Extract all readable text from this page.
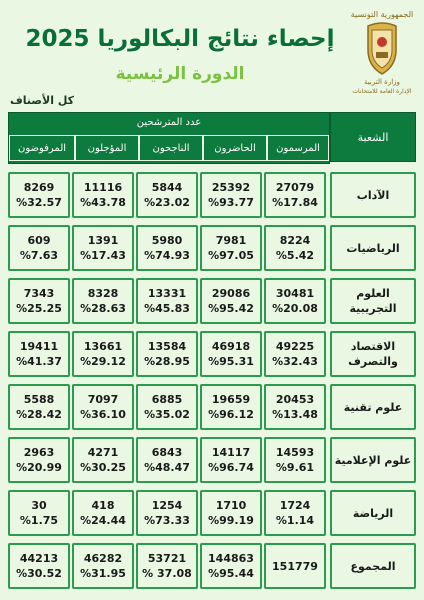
إحصاء نتائج البكالوريا 2025
الدورة الرئيسية
الجمهورية التونسية
وزارة التربية
الإدارة العامة للامتحانات
كل الأصناف
عدد المترشحين
المرسمون
الحاضرون
الناجحون
المؤجلون
المرفوضون
الشعبة
الآداب
27079
%17.84
25392
%93.77
5844
%23.02
11116
%43.78
8269
%32.57
الرياضيات
8224
%5.42
7981
%97.05
5980
%74.93
1391
%17.43
609
%7.63
العلوم التجريبية
30481
%20.08
29086
%95.42
13331
%45.83
8328
%28.63
7343
%25.25
الاقتصاد والتصرف
49225
%32.43
46918
%95.31
13584
%28.95
13661
%29.12
19411
%41.37
علوم تقنية
20453
%13.48
19659
%96.12
6885
%35.02
7097
%36.10
5588
%28.42
علوم الإعلامية
14593
%9.61
14117
%96.74
6843
%48.47
4271
%30.25
2963
%20.99
الرياضة
1724
%1.14
1710
%99.19
1254
%73.33
418
%24.44
30
%1.75
المجموع
151779
144863
%95.44
53721
% 37.08
46282
%31.95
44213
%30.52
